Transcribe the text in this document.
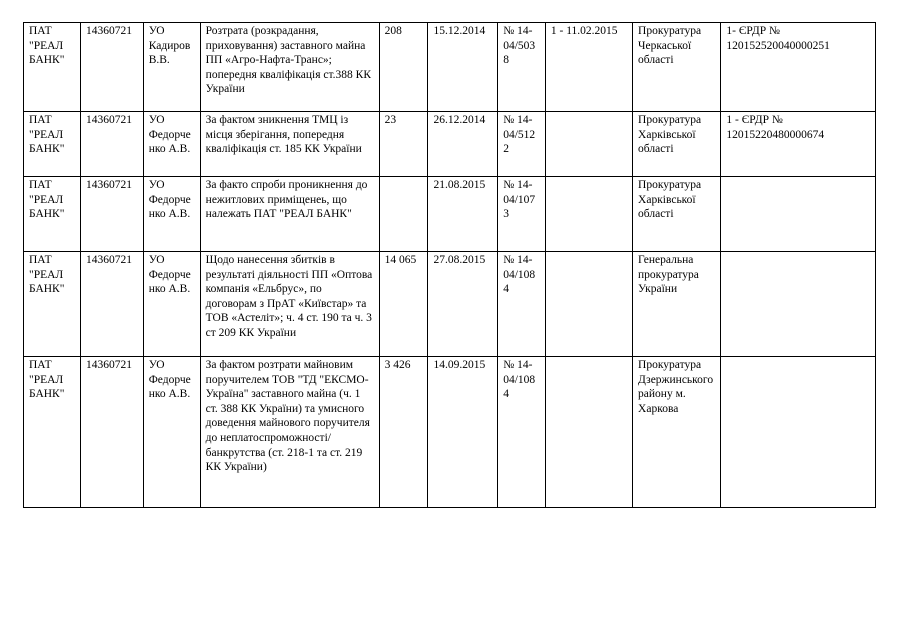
ПАТ "РЕАЛ БАНК"	14360721	УО Кадиров В.В.	Розтрата (розкрадання, приховування) заставного майна ПП «Агро-Нафта-Транс»; попередня кваліфікація ст.388 КК України	208	15.12.2014	№ 14-04/5038	1 - 11.02.2015	Прокуратура Черкаської області	1- ЄРДР № 12015252004000025​1
ПАТ "РЕАЛ БАНК"	14360721	УО Федорченко А.В.	За фактом зникнення ТМЦ із місця зберігання, попередня кваліфікація ст. 185 КК України	23	26.12.2014	№ 14-04/5122		Прокуратура Харківської області	1 - ЄРДР № 12015220480000674
ПАТ "РЕАЛ БАНК"	14360721	УО Федорченко А.В.	За факто спроби проникнення до нежитлових приміщенеь, що належать ПАТ "РЕАЛ БАНК"		21.08.2015	№ 14-04/1073		Прокуратура Харківської області	
ПАТ "РЕАЛ БАНК"	14360721	УО Федорченко А.В.	Щодо нанесення збитків в результаті діяльності ПП «Оптова компанія «Ельбрус», по договорам з ПрАТ «Київстар» та ТОВ «Астеліт»; ч. 4 ст. 190 та ч. 3 ст 209 КК України	14 065	27.08.2015	№ 14-04/1084		Генеральна прокуратура України	
ПАТ "РЕАЛ БАНК"	14360721	УО Федорченко А.В.	За фактом розтрати майновим поручителем ТОВ "ТД "ЕКСМО-Україна" заставного майна (ч. 1 ст. 388 КК України) та умисного доведення майнового поручителя до неплатоспроможності/банкрутства (ст. 218-1 та ст. 219 КК України)	3 426	14.09.2015	№ 14-04/1084		Прокуратура Дзержинського району м. Харкова	
